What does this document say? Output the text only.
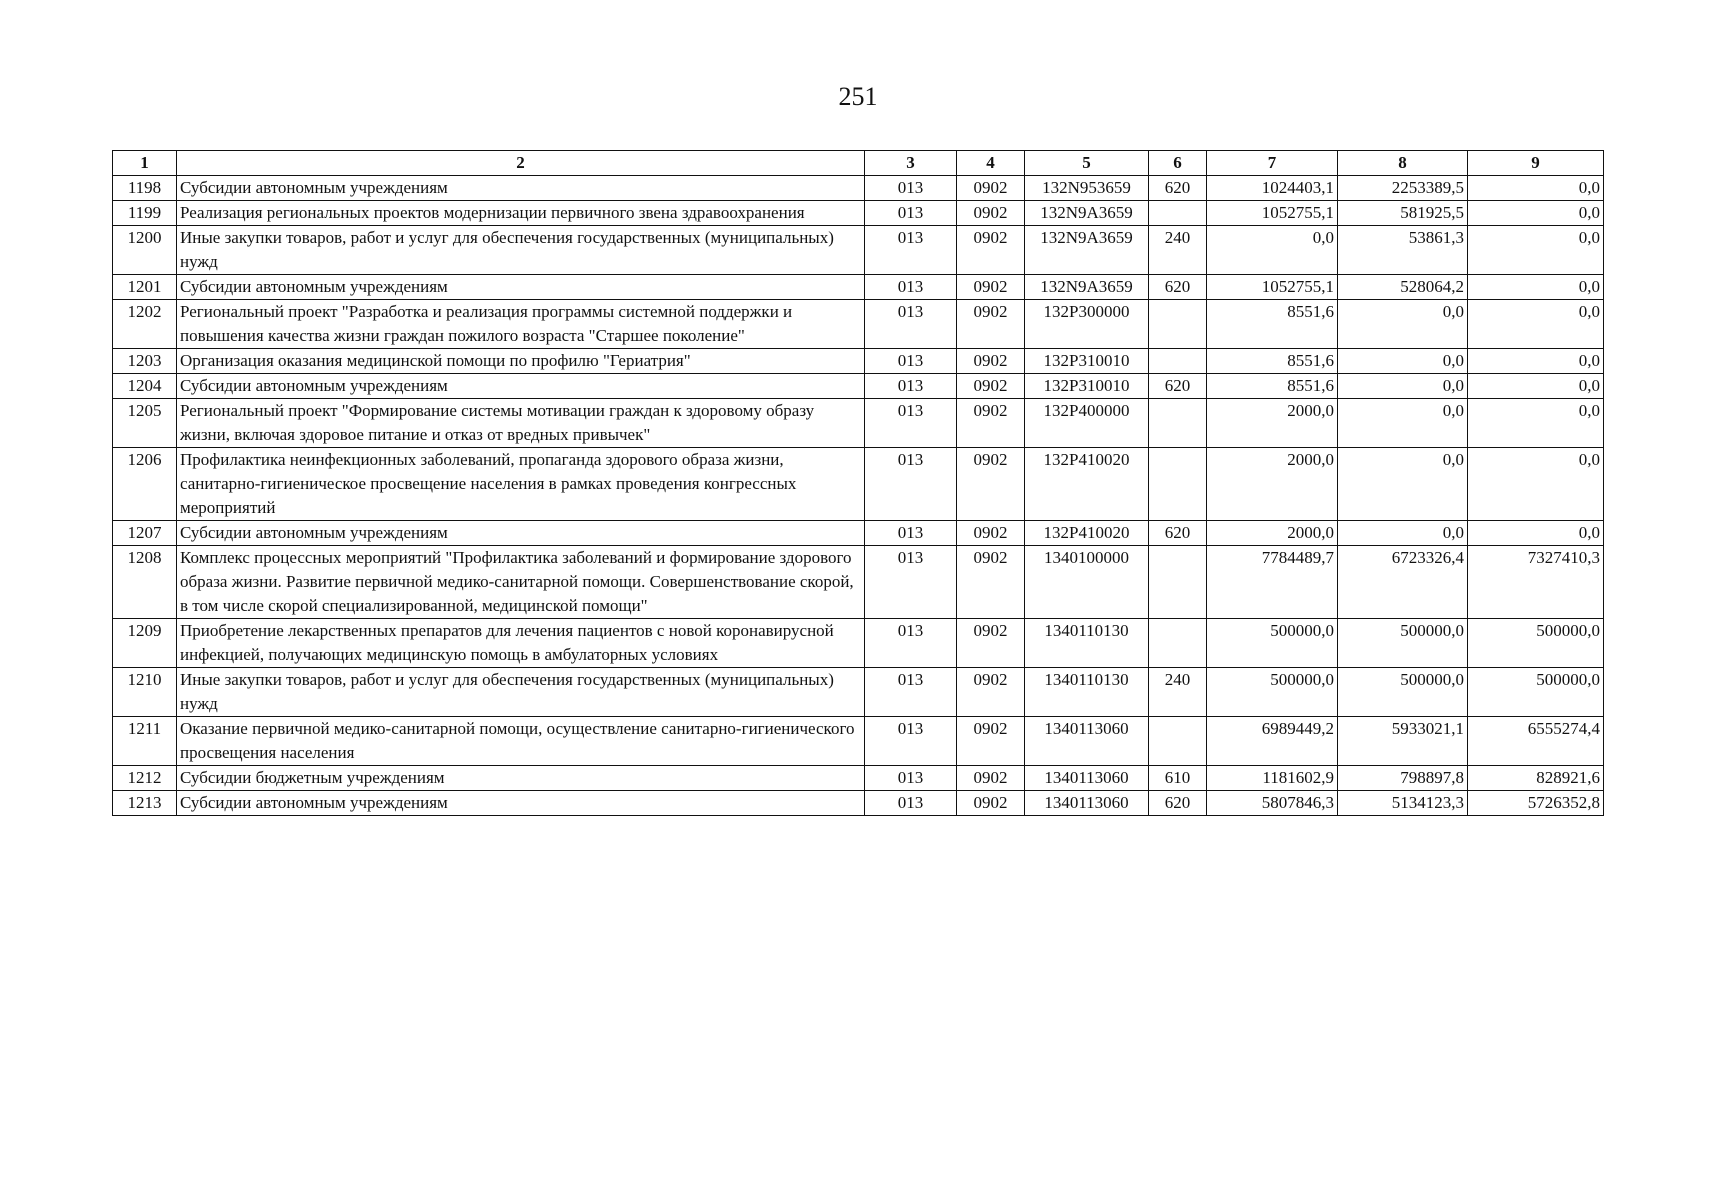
251
1	2	3	4	5	6	7	8	9
1198	Субсидии автономным учреждениям	013	0902	132N953659	620	1024403,1	2253389,5	0,0
1199	Реализация региональных проектов модернизации первичного звена здравоохранения	013	0902	132N9A3659		1052755,1	581925,5	0,0
1200	Иные закупки товаров, работ и услуг для обеспечения государственных (муниципальных) нужд	013	0902	132N9A3659	240	0,0	53861,3	0,0
1201	Субсидии автономным учреждениям	013	0902	132N9A3659	620	1052755,1	528064,2	0,0
1202	Региональный проект "Разработка и реализация программы системной поддержки и повышения качества жизни граждан пожилого возраста "Старшее поколение"	013	0902	132P300000		8551,6	0,0	0,0
1203	Организация оказания медицинской помощи по профилю "Гериатрия"	013	0902	132P310010		8551,6	0,0	0,0
1204	Субсидии автономным учреждениям	013	0902	132P310010	620	8551,6	0,0	0,0
1205	Региональный проект "Формирование системы мотивации граждан к здоровому образу жизни, включая здоровое питание и отказ от вредных привычек"	013	0902	132P400000		2000,0	0,0	0,0
1206	Профилактика неинфекционных заболеваний, пропаганда здорового образа жизни, санитарно-гигиеническое просвещение населения в рамках проведения конгрессных мероприятий	013	0902	132P410020		2000,0	0,0	0,0
1207	Субсидии автономным учреждениям	013	0902	132P410020	620	2000,0	0,0	0,0
1208	Комплекс процессных мероприятий "Профилактика заболеваний и формирование здорового образа жизни. Развитие первичной медико-санитарной помощи. Совершенствование скорой, в том числе скорой специализированной, медицинской помощи"	013	0902	1340100000		7784489,7	6723326,4	7327410,3
1209	Приобретение лекарственных препаратов для лечения пациентов с новой коронавирусной инфекцией, получающих медицинскую помощь в амбулаторных условиях	013	0902	1340110130		500000,0	500000,0	500000,0
1210	Иные закупки товаров, работ и услуг для обеспечения государственных (муниципальных) нужд	013	0902	1340110130	240	500000,0	500000,0	500000,0
1211	Оказание первичной медико-санитарной помощи, осуществление санитарно-гигиенического просвещения населения	013	0902	1340113060		6989449,2	5933021,1	6555274,4
1212	Субсидии бюджетным учреждениям	013	0902	1340113060	610	1181602,9	798897,8	828921,6
1213	Субсидии автономным учреждениям	013	0902	1340113060	620	5807846,3	5134123,3	5726352,8
